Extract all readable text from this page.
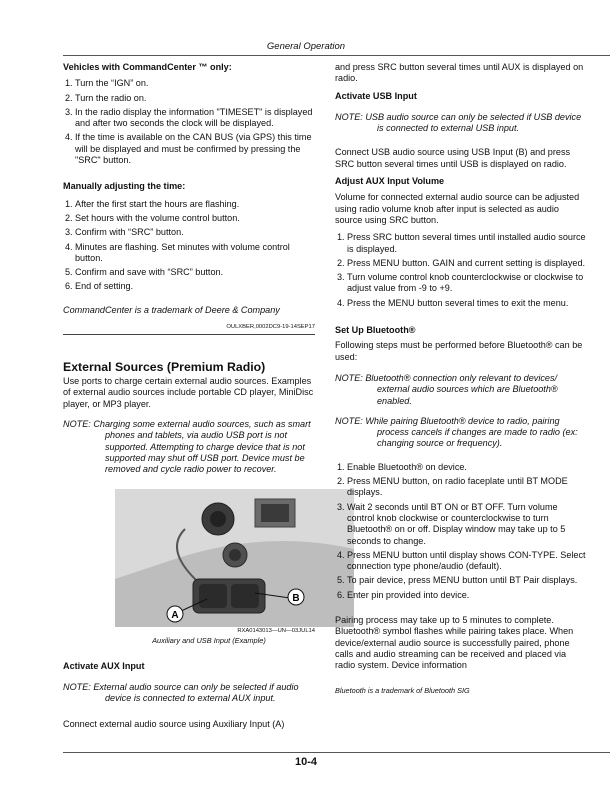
General Operation

Vehicles with CommandCenter ™ only:

1. Turn the “IGN” on.
2. Turn the radio on.
3. In the radio display the information "TIMESET" is displayed and after two seconds the clock will be displayed.
4. If the time is available on the CAN BUS (via GPS) this time will be displayed and must be confirmed by pressing the "SRC" button.

Manually adjusting the time:

1. After the first start the hours are flashing.
2. Set hours with the volume control button.
3. Confirm with “SRC” button.
4. Minutes are flashing. Set minutes with volume control button.
5. Confirm and save with “SRC” button.
6. End of setting.

CommandCenter is a trademark of Deere & Company

OULXBER,0002DC9-19-14SEP17

External Sources (Premium Radio)

Use ports to charge certain external audio sources. Examples of external audio sources include portable CD player, MiniDisc player, or MP3 player.

NOTE: Charging some external audio sources, such as smart phones and tablets, via audio USB port is not supported. Attempting to charge device that is not supported may shut off USB port. Device must be removed and cycle radio power to recover.

A
B

RXA0143013—UN—03JUL14

Auxiliary and USB Input (Example)

Activate AUX Input

NOTE: External audio source can only be selected if audio device is connected to external AUX input.

Connect external audio source using Auxiliary Input (A)

and press SRC button several times until AUX is displayed on radio.

Activate USB Input

NOTE: USB audio source can only be selected if USB device is connected to external USB input.

Connect USB audio source using USB Input (B) and press SRC button several times until USB is displayed on radio.

Adjust AUX Input Volume

Volume for connected external audio source can be adjusted using radio volume knob after input is selected as audio source using SRC button.

1. Press SRC button several times until installed audio source is displayed.
2. Press MENU button. GAIN and current setting is displayed.
3. Turn volume control knob counterclockwise or clockwise to adjust value from -9 to +9.
4. Press the MENU button several times to exit the menu.

Set Up Bluetooth®

Following steps must be performed before Bluetooth® can be used:

NOTE: Bluetooth® connection only relevant to devices/ external audio sources which are Bluetooth® enabled.

NOTE: While pairing Bluetooth® device to radio, pairing process cancels if changes are made to radio (ex: changing source or frequency).

1. Enable Bluetooth® on device.
2. Press MENU button, on radio faceplate until BT MODE displays.
3. Wait 2 seconds until BT ON or BT OFF. Turn volume control knob clockwise or counterclockwise to turn Bluetooth® on or off. Display window may take up to 5 seconds to change.
4. Press MENU button until display shows CON-TYPE. Select connection type phone/audio (default).
5. To pair device, press MENU button until BT Pair displays.
6. Enter pin provided into device.

Pairing process may take up to 5 minutes to complete. Bluetooth® symbol flashes while pairing takes place. When device/external audio source is successfully paired, phone calls and audio streaming can be received and placed via radio system. Device information

Bluetooth is a trademark of Bluetooth SIG

10-4
